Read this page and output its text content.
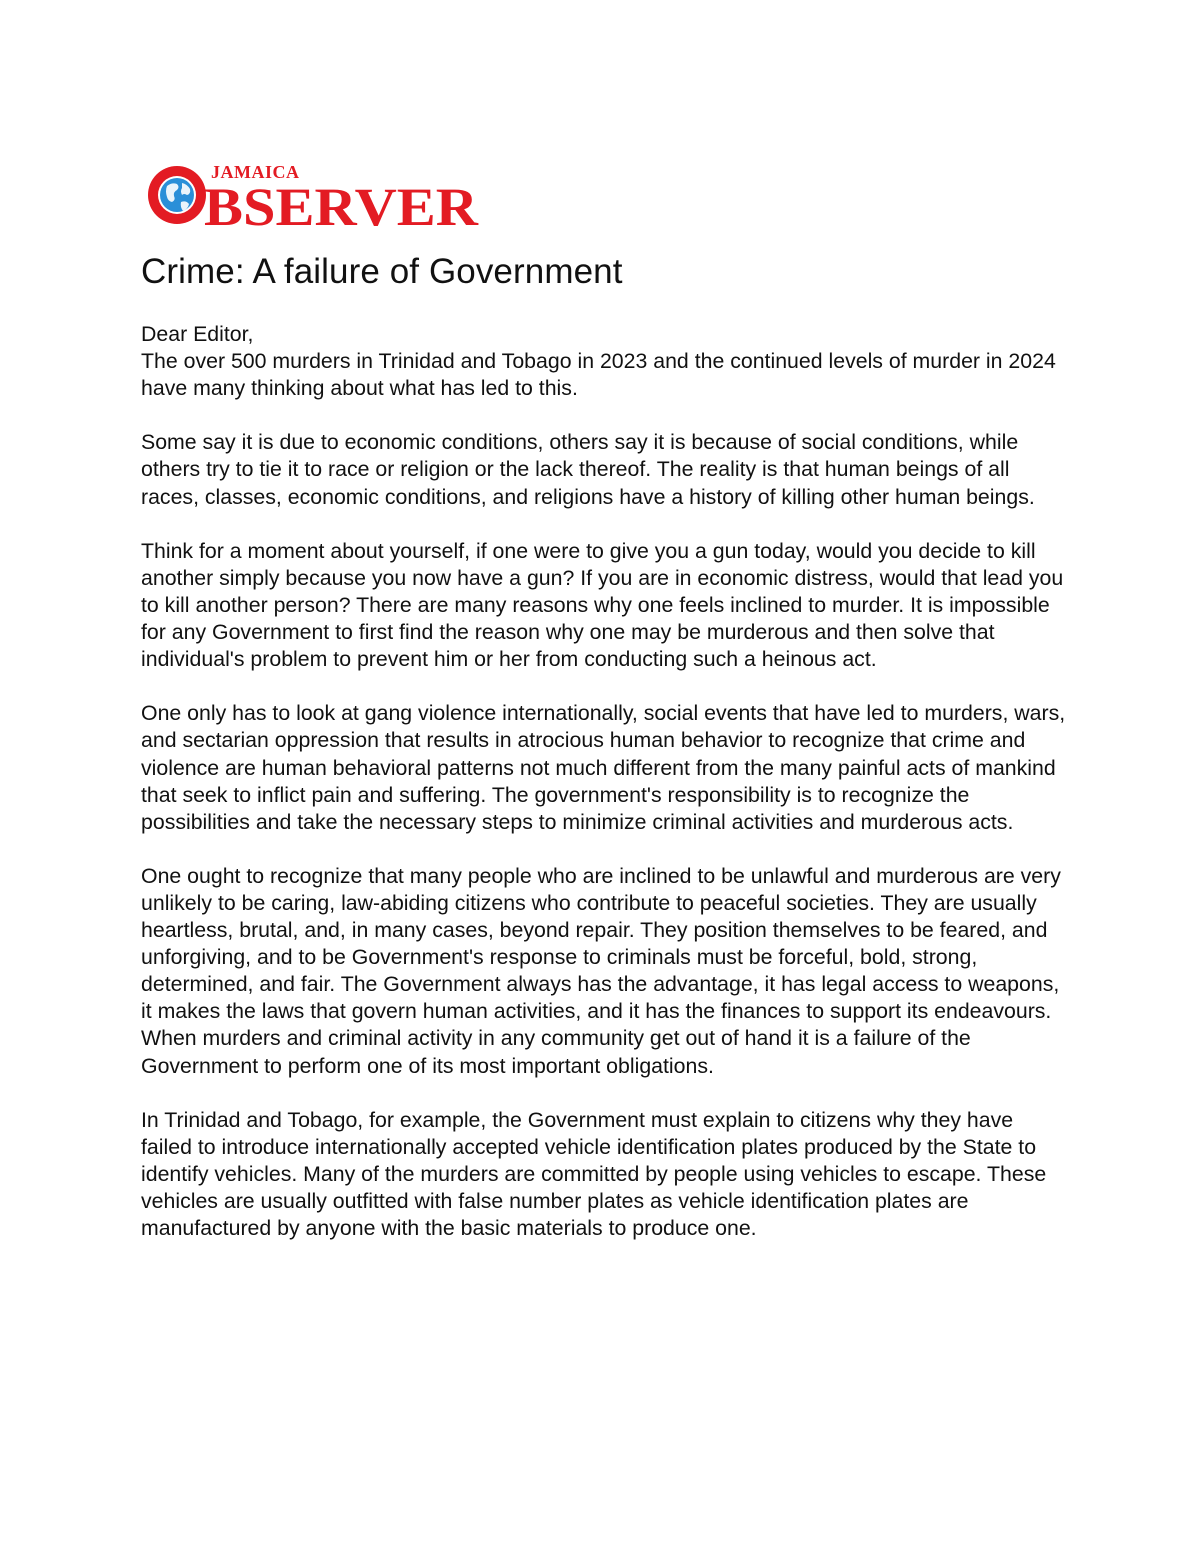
JAMAICA
BSERVER
Crime: A failure of Government

Dear Editor,

The over 500 murders in Trinidad and Tobago in 2023 and the continued levels of murder in 2024 have many thinking about what has led to this.

Some say it is due to economic conditions, others say it is because of social conditions, while others try to tie it to race or religion or the lack thereof. The reality is that human beings of all races, classes, economic conditions, and religions have a history of killing other human beings.

Think for a moment about yourself, if one were to give you a gun today, would you decide to kill another simply because you now have a gun? If you are in economic distress, would that lead you to kill another person? There are many reasons why one feels inclined to murder. It is impossible for any Government to first find the reason why one may be murderous and then solve that individual's problem to prevent him or her from conducting such a heinous act.

One only has to look at gang violence internationally, social events that have led to murders, wars, and sectarian oppression that results in atrocious human behavior to recognize that crime and violence are human behavioral patterns not much different from the many painful acts of mankind that seek to inflict pain and suffering. The government's responsibility is to recognize the possibilities and take the necessary steps to minimize criminal activities and murderous acts.

One ought to recognize that many people who are inclined to be unlawful and murderous are very unlikely to be caring, law-abiding citizens who contribute to peaceful societies. They are usually heartless, brutal, and, in many cases, beyond repair. They position themselves to be feared, and unforgiving, and to be Government's response to criminals must be forceful, bold, strong, determined, and fair. The Government always has the advantage, it has legal access to weapons, it makes the laws that govern human activities, and it has the finances to support its endeavours. When murders and criminal activity in any community get out of hand it is a failure of the Government to perform one of its most important obligations.

In Trinidad and Tobago, for example, the Government must explain to citizens why they have failed to introduce internationally accepted vehicle identification plates produced by the State to identify vehicles. Many of the murders are committed by people using vehicles to escape. These vehicles are usually outfitted with false number plates as vehicle identification plates are manufactured by anyone with the basic materials to produce one.
